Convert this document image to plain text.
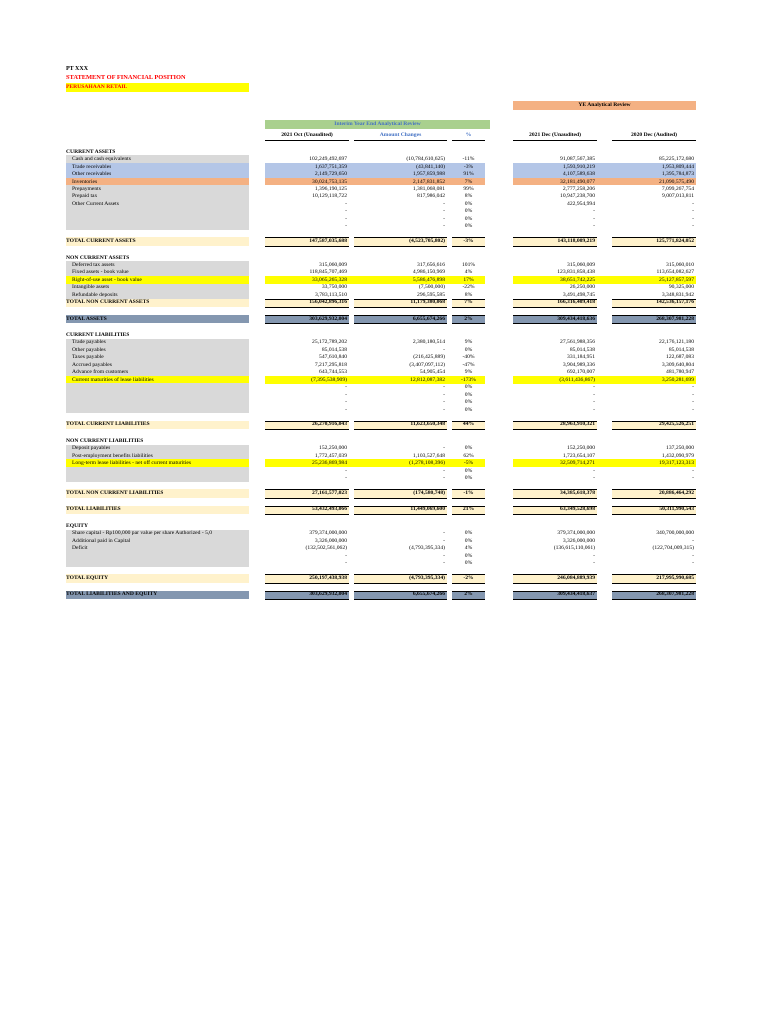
PT XXX
STATEMENT OF FINANCIAL POSITION
PERUSAHAAN RETAIL
YE Analytical Review
Interim Year End Analytical Review
2021 Oct (Unaudited)	Amount Changes	%	2021 Dec (Unaudited)	2020 Dec (Audited)
CURRENT ASSETS
Cash and cash equivalents	102,249,492,697	(10,784,610,625)	-11%	91,087,567,385	85,225,172,680
Trade receivables	1,637,751,359	(43,841,140)	-3%	1,593,910,219	1,953,809,444
Other receivables	2,149,729,650	1,957,859,988	91%	4,107,589,638	1,395,784,873
Inventories	30,024,753,135	2,147,831,852	7%	32,181,490,077	21,090,575,490
Prepayments	1,396,190,125	1,381,068,081	99%	2,777,258,206	7,099,267,754
Prepaid tax	10,129,118,722	817,986,042	8%	10,947,238,700	9,007,013,811
Other Current Assets	-	-	0%	422,954,994	-
-	-	0%	-	-
-	-	0%	-	-
-	-	0%	-	-
TOTAL CURRENT ASSETS	147,587,035,688	(4,523,705,802)	-3%	143,118,009,219	125,771,824,052
NON CURRENT ASSETS
Deferred tax assets	315,060,009	317,656,616	101%	315,060,009	315,060,010
Fixed assets - book value	118,845,707,469	4,986,150,969	4%	123,831,858,438	113,654,082,627
Right-of-use asset - book value	33,065,265,328	5,586,476,898	17%	38,651,742,225	25,127,857,597
Intangible assets	33,750,000	(7,500,000)	-22%	26,250,000	90,325,000
Refundable deposits	3,783,113,510	296,595,585	8%	3,491,498,745	3,348,831,942
TOTAL NON CURRENT ASSETS	156,042,896,316	11,179,380,068	7%	166,316,409,418	142,536,157,176
TOTAL ASSETS	303,629,932,004	6,655,674,266	2%	309,434,418,636	268,307,981,228
CURRENT LIABILITIES
Trade payables	25,172,789,202	2,380,180,514	9%	27,561,988,356	22,176,121,180
Other payables	85,014,538	-	0%	85,014,538	85,014,538
Taxes payable	547,610,840	(216,425,889)	-40%	331,184,951	122,687,083
Accrued payables	7,217,295,818	(3,407,097,112)	-47%	3,904,989,336	3,309,640,804
Advance from customers	643,744,553	54,905,454	9%	692,170,007	481,780,947
Current maturities of lease liabilities	(7,395,538,909)	12,812,087,382	-173%	(3,611,436,867)	3,250,281,699
-	-	0%	-	-
-	-	0%	-	-
-	-	0%	-	-
-	-	0%	-	-
TOTAL CURRENT LIABILITIES	26,270,916,043	11,623,650,348	44%	28,963,910,321	29,425,526,251
NON CURRENT LIABILITIES
Deposit payables	152,250,000	-	0%	152,250,000	137,250,000
Post-employment benefits liabilities	1,772,457,039	1,103,527,648	62%	1,723,654,107	1,432,090,979
Long-term lease liabilities - net off current maturities	25,236,869,984	(1,278,108,396)	-5%	32,509,714,271	19,317,123,313
-	-	0%	-	-
-	-	0%	-	-
TOTAL NON CURRENT LIABILITIES	27,161,577,023	(174,580,748)	-1%	34,385,618,378	20,886,464,292
TOTAL LIABILITIES	53,432,493,066	11,449,069,600	21%	63,349,528,698	50,311,990,543
EQUITY
Share capital - Rp100,000 par value per share Authorized - 5,0	379,374,000,000	-	0%	379,374,000,000	340,700,000,000
Additional paid in Capital	3,326,000,000	-	0%	3,326,000,000	-
Deficit	(132,502,561,062)	(4,793,395,334)	4%	(136,615,110,061)	(122,704,009,315)
-	-	0%	-	-
-	-	0%	-	-
TOTAL EQUITY	250,197,438,938	(4,793,395,334)	-2%	246,084,889,939	217,995,990,685
TOTAL LIABILITIES AND EQUITY	303,629,932,004	6,655,674,266	2%	309,434,418,637	268,307,981,228
